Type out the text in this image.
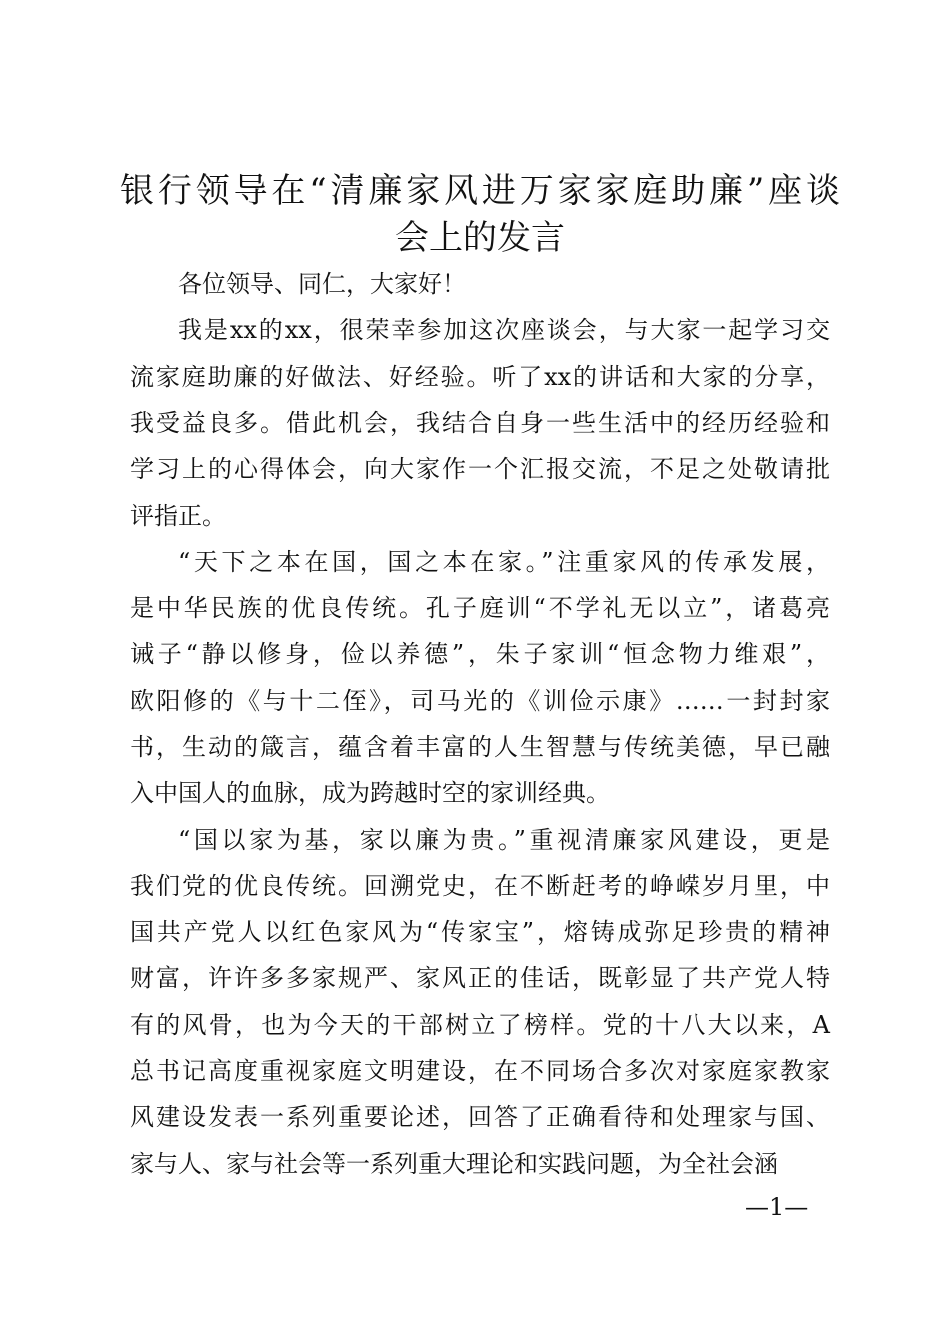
银行领导在“清廉家风进万家家庭助廉”座谈
会上的发言
各位领导、同仁，大家好！
我是xx的xx，很荣幸参加这次座谈会，与大家一起学习交
流家庭助廉的好做法、好经验。听了xx的讲话和大家的分享，
我受益良多。借此机会，我结合自身一些生活中的经历经验和
学习上的心得体会，向大家作一个汇报交流，不足之处敬请批
评指正。
“天下之本在国，国之本在家。”注重家风的传承发展，
是中华民族的优良传统。孔子庭训“不学礼无以立”，诸葛亮
诫子“静以修身，俭以养德”，朱子家训“恒念物力维艰”，
欧阳修的《与十二侄》，司马光的《训俭示康》……一封封家
书，生动的箴言，蕴含着丰富的人生智慧与传统美德，早已融
入中国人的血脉，成为跨越时空的家训经典。
“国以家为基，家以廉为贵。”重视清廉家风建设，更是
我们党的优良传统。回溯党史，在不断赶考的峥嵘岁月里，中
国共产党人以红色家风为“传家宝”，熔铸成弥足珍贵的精神
财富，许许多多家规严、家风正的佳话，既彰显了共产党人特
有的风骨，也为今天的干部树立了榜样。党的十八大以来，A
总书记高度重视家庭文明建设，在不同场合多次对家庭家教家
风建设发表一系列重要论述，回答了正确看待和处理家与国、
家与人、家与社会等一系列重大理论和实践问题，为全社会涵
—1—
